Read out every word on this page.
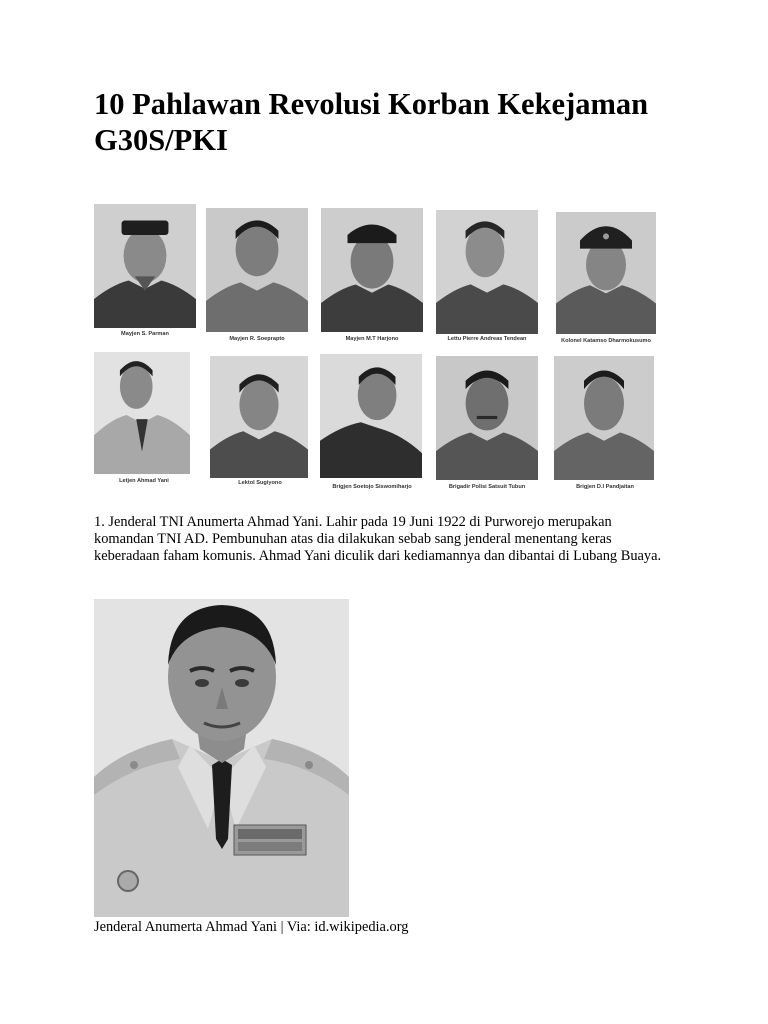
10 Pahlawan Revolusi Korban Kekejaman G30S/PKI
Mayjen S. Parman
Mayjen R. Soeprapto	Mayjen M.T Harjono	Lettu Pierre Andreas Tendean	Kolonel Katamso Dharmokusumo
Letjen Ahmad Yani	Lektol Sugiyono
Brigjen Soetojo Siswomiharjo	Brigadir Polisi Satsuit Tubun	Brigjen D.I Pandjaitan

1. Jenderal TNI Anumerta Ahmad Yani. Lahir pada 19 Juni 1922 di Purworejo merupakan komandan TNI AD. Pembunuhan atas dia dilakukan sebab sang jenderal menentang keras keberadaan faham komunis. Ahmad Yani diculik dari kediamannya dan dibantai di Lubang Buaya.

Jenderal Anumerta Ahmad Yani | Via: id.wikipedia.org
